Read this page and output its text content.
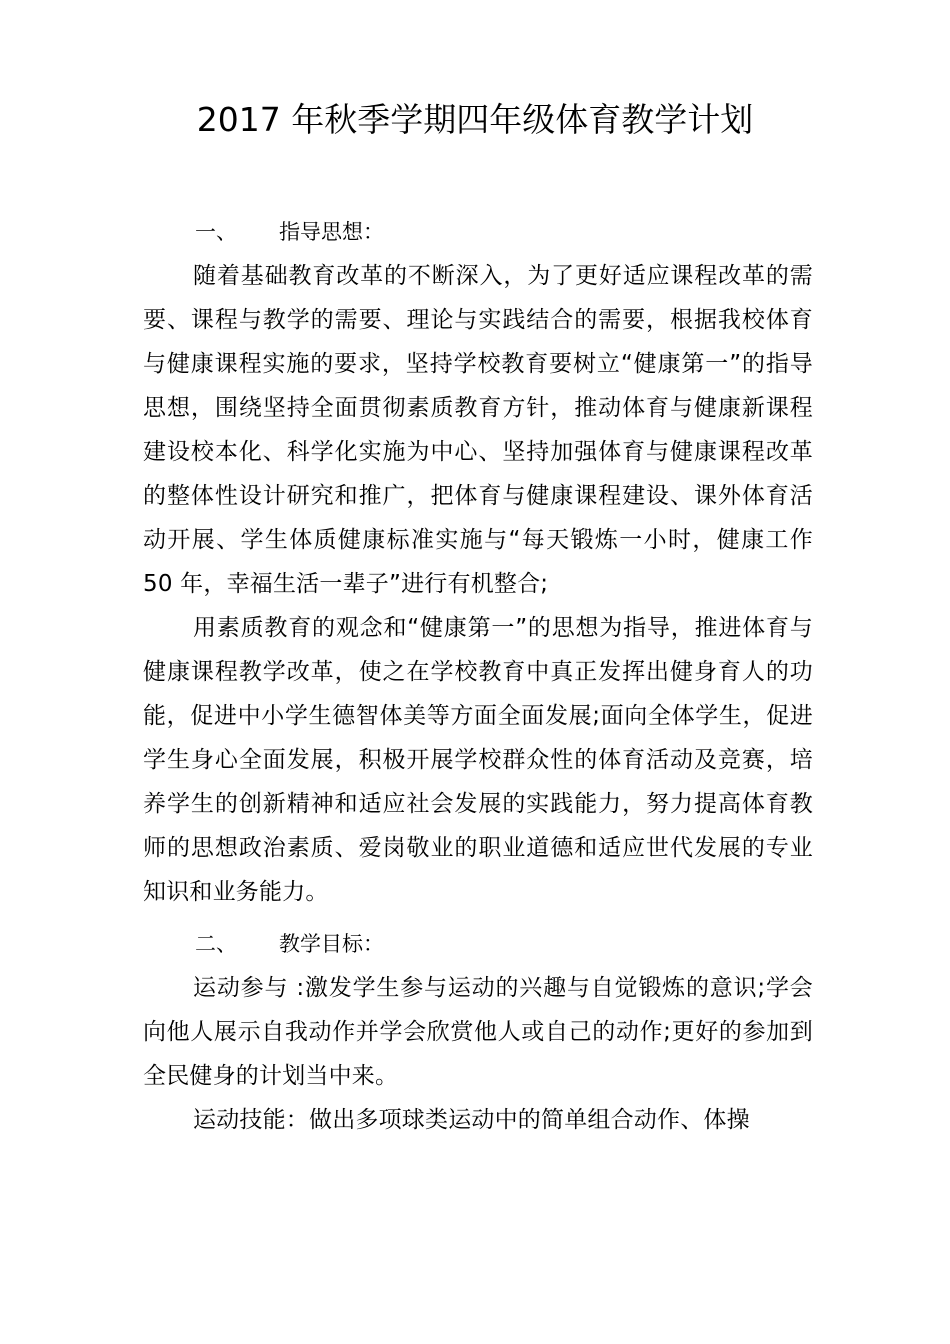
2017 年秋季学期四年级体育教学计划

一、 指导思想：

随着基础教育改革的不断深入，为了更好适应课程改革的需要、课程与教学的需要、理论与实践结合的需要，根据我校体育与健康课程实施的要求，坚持学校教育要树立“健康第一”的指导思想，围绕坚持全面贯彻素质教育方针，推动体育与健康新课程建设校本化、科学化实施为中心、坚持加强体育与健康课程改革的整体性设计研究和推广，把体育与健康课程建设、课外体育活动开展、学生体质健康标准实施与“每天锻炼一小时，健康工作 50 年，幸福生活一辈子”进行有机整合;

用素质教育的观念和“健康第一”的思想为指导，推进体育与健康课程教学改革，使之在学校教育中真正发挥出健身育人的功能，促进中小学生德智体美等方面全面发展;面向全体学生，促进学生身心全面发展，积极开展学校群众性的体育活动及竞赛，培养学生的创新精神和适应社会发展的实践能力，努力提高体育教师的思想政治素质、爱岗敬业的职业道德和适应世代发展的专业知识和业务能力。

二、 教学目标：

运动参与 :激发学生参与运动的兴趣与自觉锻炼的意识;学会向他人展示自我动作并学会欣赏他人或自己的动作;更好的参加到全民健身的计划当中来。

运动技能：做出多项球类运动中的简单组合动作、体操
